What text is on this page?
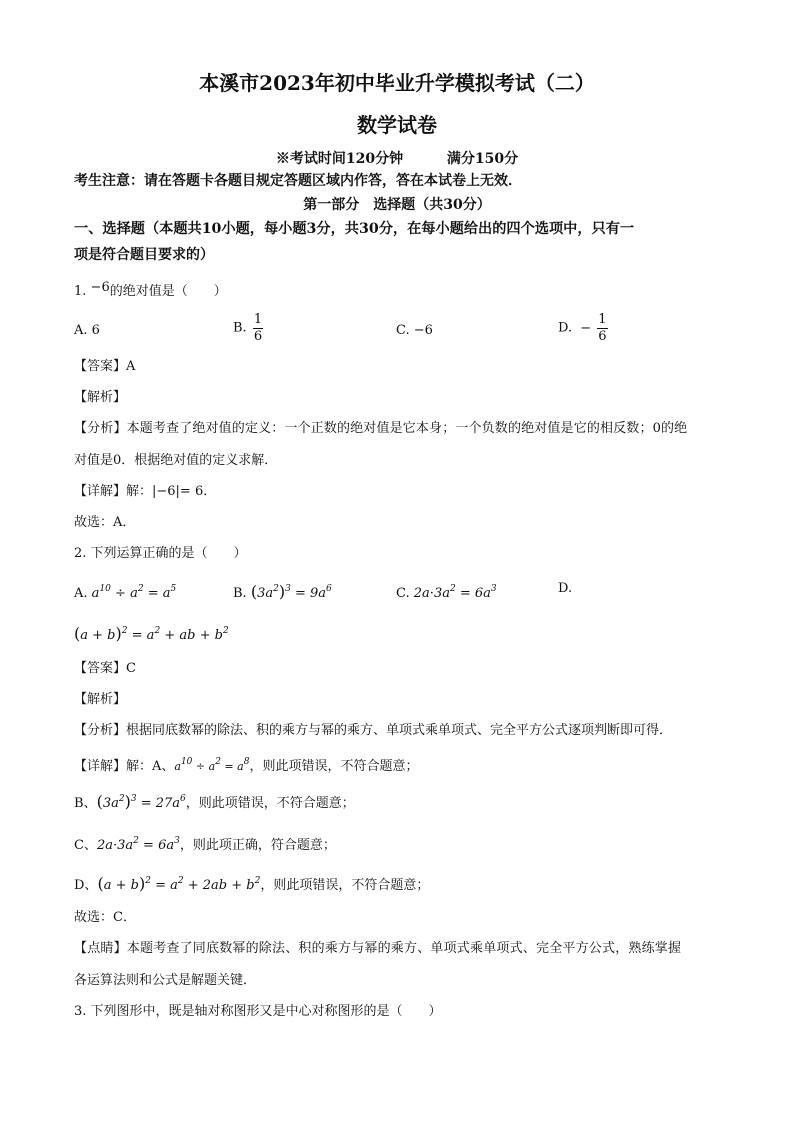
本溪市2023年初中毕业升学模拟考试（二）
数学试卷
※考试时间120分钟	满分150分
考生注意：请在答题卡各题目规定答题区域内作答，答在本试卷上无效．
第一部分　选择题（共30分）
一、选择题（本题共10小题，每小题3分，共30分，在每小题给出的四个选项中，只有一
项是符合题目要求的）
1. −6的绝对值是（　　）
A. 6	B. $\frac{1}{6}$	C. −6	D. − $\frac{1}{6}$
【答案】A
【解析】
【分析】本题考查了绝对值的定义：一个正数的绝对值是它本身；一个负数的绝对值是它的相反数；0的绝
对值是0．根据绝对值的定义求解．
【详解】解：|−6|= 6．
故选：A．
2. 下列运算正确的是（　　）
A. $a^{10} \div a^2 = a^5$	B. $(3a^2)^3 = 9a^6$	C. $2a\cdot 3a^2 = 6a^3$	D.
$(a + b)^2 = a^2$ + ab + $b^2$
【答案】C
【解析】
【分析】根据同底数幂的除法、积的乘方与幂的乘方、单项式乘单项式、完全平方公式逐项判断即可得．
【详解】解：A、$a^{10} \div a^2 = a^8$，则此项错误，不符合题意；
B、$(3a^2)^3 = 27a^6$，则此项错误，不符合题意；
C、$2a\cdot 3a^2 = 6a^3$，则此项正确，符合题意；
D、$(a + b)^2 = a^2 + 2ab + b^2$，则此项错误，不符合题意；
故选：C．
【点睛】本题考查了同底数幂的除法、积的乘方与幂的乘方、单项式乘单项式、完全平方公式，熟练掌握
各运算法则和公式是解题关键．
3. 下列图形中，既是轴对称图形又是中心对称图形的是（　　）
